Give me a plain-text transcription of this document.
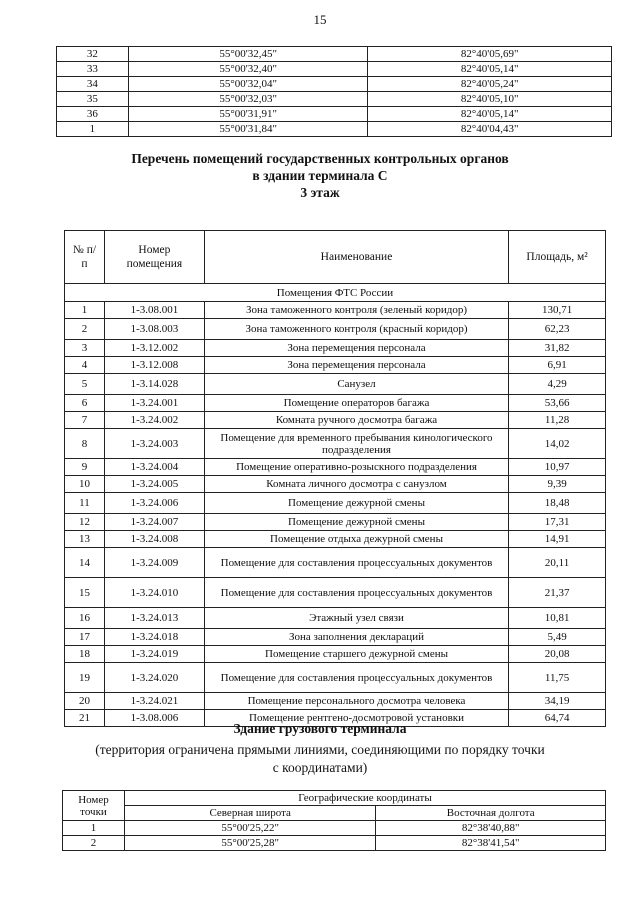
15
32	55°00'32,45"	82°40'05,69"
33	55°00'32,40"	82°40'05,14"
34	55°00'32,04"	82°40'05,24"
35	55°00'32,03"	82°40'05,10"
36	55°00'31,91"	82°40'05,14"
1	55°00'31,84"	82°40'04,43"
Перечень помещений государственных контрольных органов
в здании терминала С
3 этаж
№ п/п	Номер помещения	Наименование	Площадь, м²
Помещения ФТС России			
1	1-3.08.001	Зона таможенного контроля (зеленый коридор)	130,71
2	1-3.08.003	Зона таможенного контроля (красный коридор)	62,23
3	1-3.12.002	Зона перемещения персонала	31,82
4	1-3.12.008	Зона перемещения персонала	6,91
5	1-3.14.028	Санузел	4,29
6	1-3.24.001	Помещение операторов багажа	53,66
7	1-3.24.002	Комната ручного досмотра багажа	11,28
8	1-3.24.003	Помещение для временного пребывания кинологического подразделения	14,02
9	1-3.24.004	Помещение оперативно-розыскного подразделения	10,97
10	1-3.24.005	Комната личного досмотра с санузлом	9,39
11	1-3.24.006	Помещение дежурной смены	18,48
12	1-3.24.007	Помещение дежурной смены	17,31
13	1-3.24.008	Помещение отдыха дежурной смены	14,91
14	1-3.24.009	Помещение для составления процессуальных документов	20,11
15	1-3.24.010	Помещение для составления процессуальных документов	21,37
16	1-3.24.013	Этажный узел связи	10,81
17	1-3.24.018	Зона заполнения деклараций	5,49
18	1-3.24.019	Помещение старшего дежурной смены	20,08
19	1-3.24.020	Помещение для составления процессуальных документов	11,75
20	1-3.24.021	Помещение персонального досмотра человека	34,19
21	1-3.08.006	Помещение рентгено-досмотровой установки	64,74
Здание грузового терминала
(территория ограничена прямыми линиями, соединяющими по порядку точки
с координатами)
Номер точки	Географические координаты	
	Северная широта	Восточная долгота
1	55°00'25,22"	82°38'40,88"
2	55°00'25,28"	82°38'41,54"
